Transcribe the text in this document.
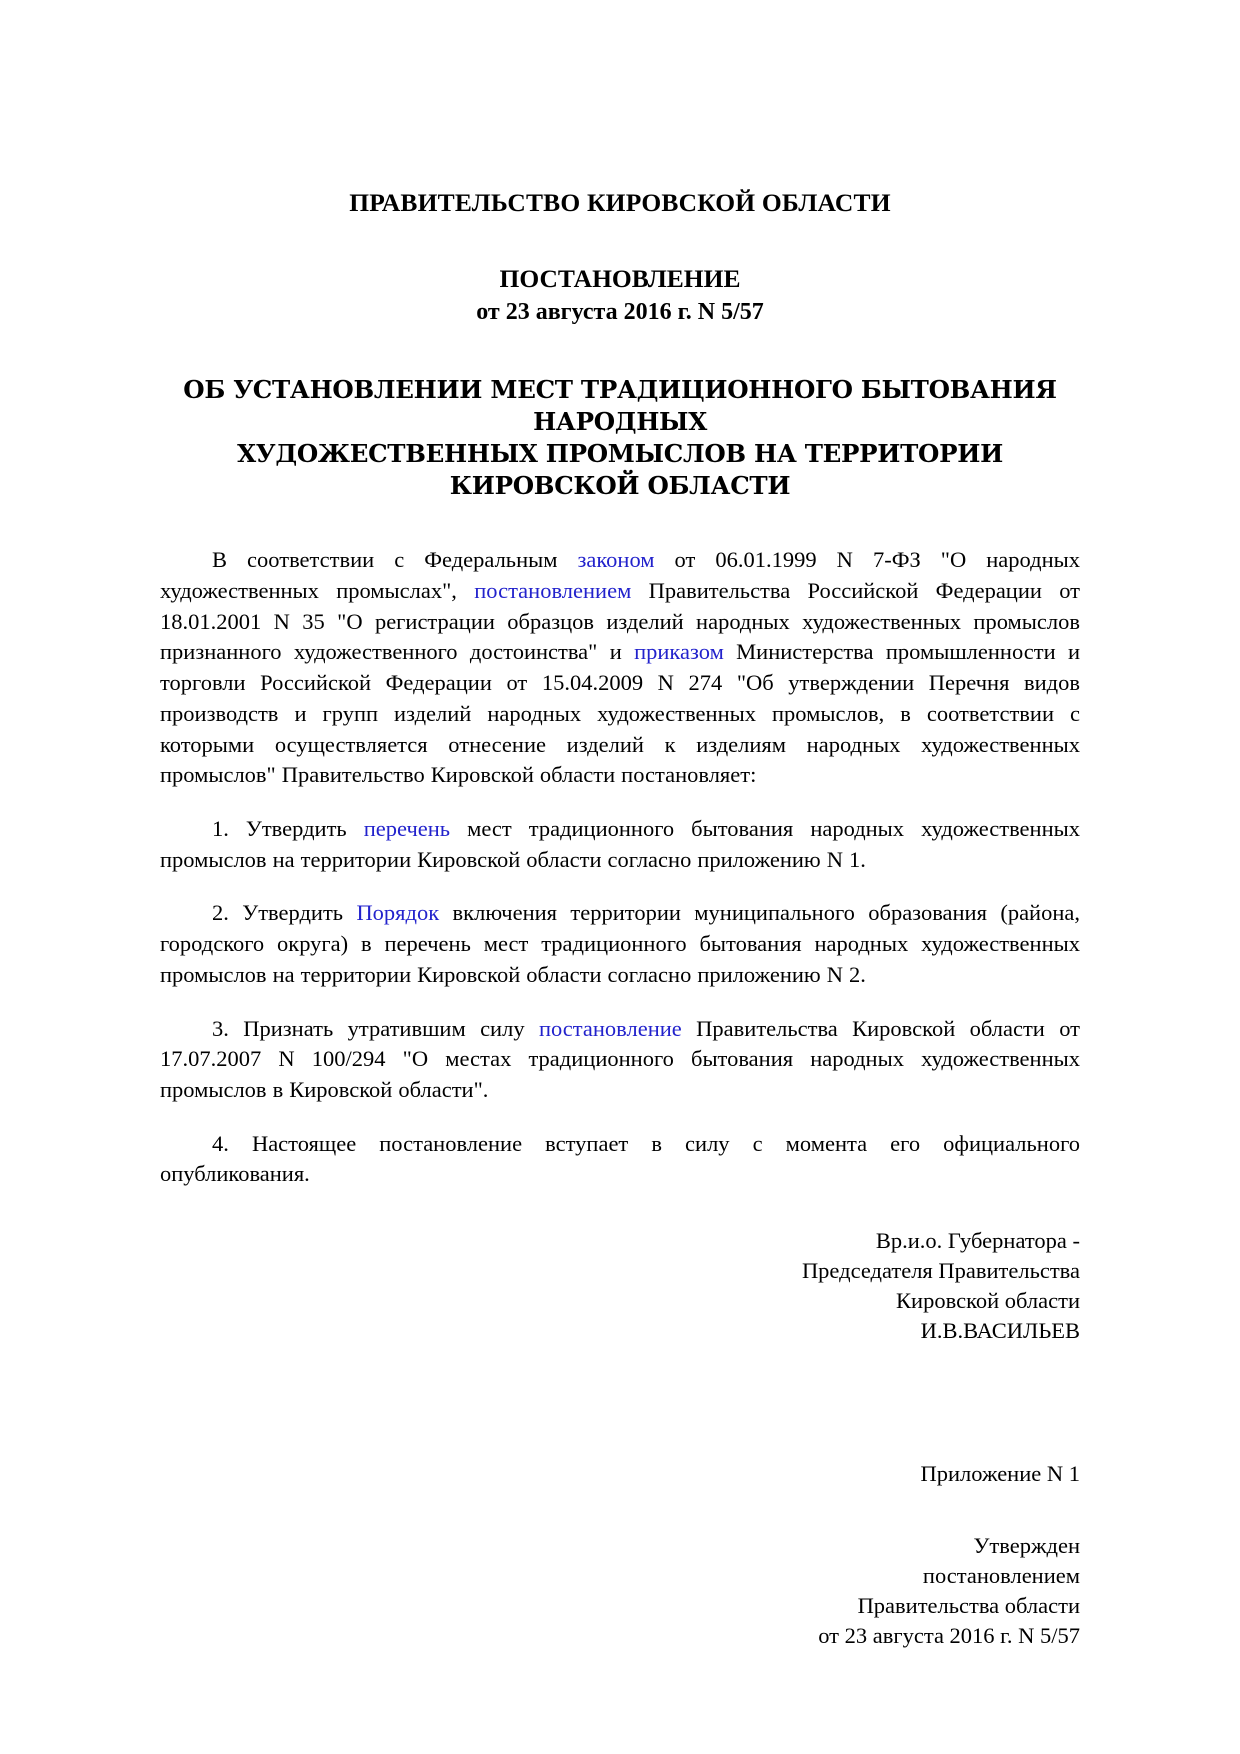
ПРАВИТЕЛЬСТВО КИРОВСКОЙ ОБЛАСТИ
ПОСТАНОВЛЕНИЕ
от 23 августа 2016 г. N 5/57
ОБ УСТАНОВЛЕНИИ МЕСТ ТРАДИЦИОННОГО БЫТОВАНИЯ
НАРОДНЫХ
ХУДОЖЕСТВЕННЫХ ПРОМЫСЛОВ НА ТЕРРИТОРИИ
КИРОВСКОЙ ОБЛАСТИ

В соответствии с Федеральным законом от 06.01.1999 N 7-ФЗ "О народных художественных промыслах", постановлением Правительства Российской Федерации от 18.01.2001 N 35 "О регистрации образцов изделий народных художественных промыслов признанного художественного достоинства" и приказом Министерства промышленности и торговли Российской Федерации от 15.04.2009 N 274 "Об утверждении Перечня видов производств и групп изделий народных художественных промыслов, в соответствии с которыми осуществляется отнесение изделий к изделиям народных художественных промыслов" Правительство Кировской области постановляет:

1. Утвердить перечень мест традиционного бытования народных художественных промыслов на территории Кировской области согласно приложению N 1.

2. Утвердить Порядок включения территории муниципального образования (района, городского округа) в перечень мест традиционного бытования народных художественных промыслов на территории Кировской области согласно приложению N 2.

3. Признать утратившим силу постановление Правительства Кировской области от 17.07.2007 N 100/294 "О местах традиционного бытования народных художественных промыслов в Кировской области".

4. Настоящее постановление вступает в силу с момента его официального опубликования.

Вр.и.о. Губернатора -
Председателя Правительства
Кировской области
И.В.ВАСИЛЬЕВ
Приложение N 1
Утвержден
постановлением
Правительства области
от 23 августа 2016 г. N 5/57
